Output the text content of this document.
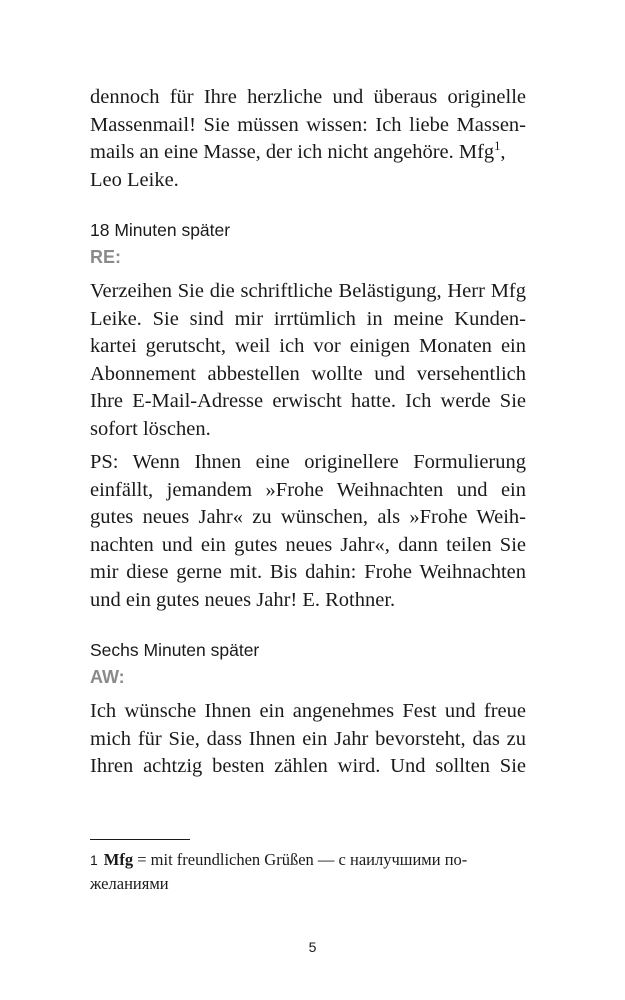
dennoch für Ihre herzliche und überaus originelle
Massenmail! Sie müssen wissen: Ich liebe Massen-
mails an eine Masse, der ich nicht angehöre. Mfg$^1$,
Leo Leike.

18 Minuten später

RE:

Verzeihen Sie die schriftliche Belästigung, Herr Mfg
Leike. Sie sind mir irrtümlich in meine Kunden-
kartei gerutscht, weil ich vor einigen Monaten ein
Abonnement abbestellen wollte und versehentlich
Ihre E-Mail-Adresse erwischt hatte. Ich werde Sie
sofort löschen.

PS: Wenn Ihnen eine originellere Formulierung
einfällt, jemandem »Frohe Weihnachten und ein
gutes neues Jahr« zu wünschen, als »Frohe Weih-
nachten und ein gutes neues Jahr«, dann teilen Sie
mir diese gerne mit. Bis dahin: Frohe Weihnachten
und ein gutes neues Jahr! E. Rothner.

Sechs Minuten später

AW:

Ich wünsche Ihnen ein angenehmes Fest und freue
mich für Sie, dass Ihnen ein Jahr bevorsteht, das zu
Ihren achtzig besten zählen wird. Und sollten Sie

1 Mfg = mit freundlichen Grüßen — с наилучшими по-
желаниями
5
